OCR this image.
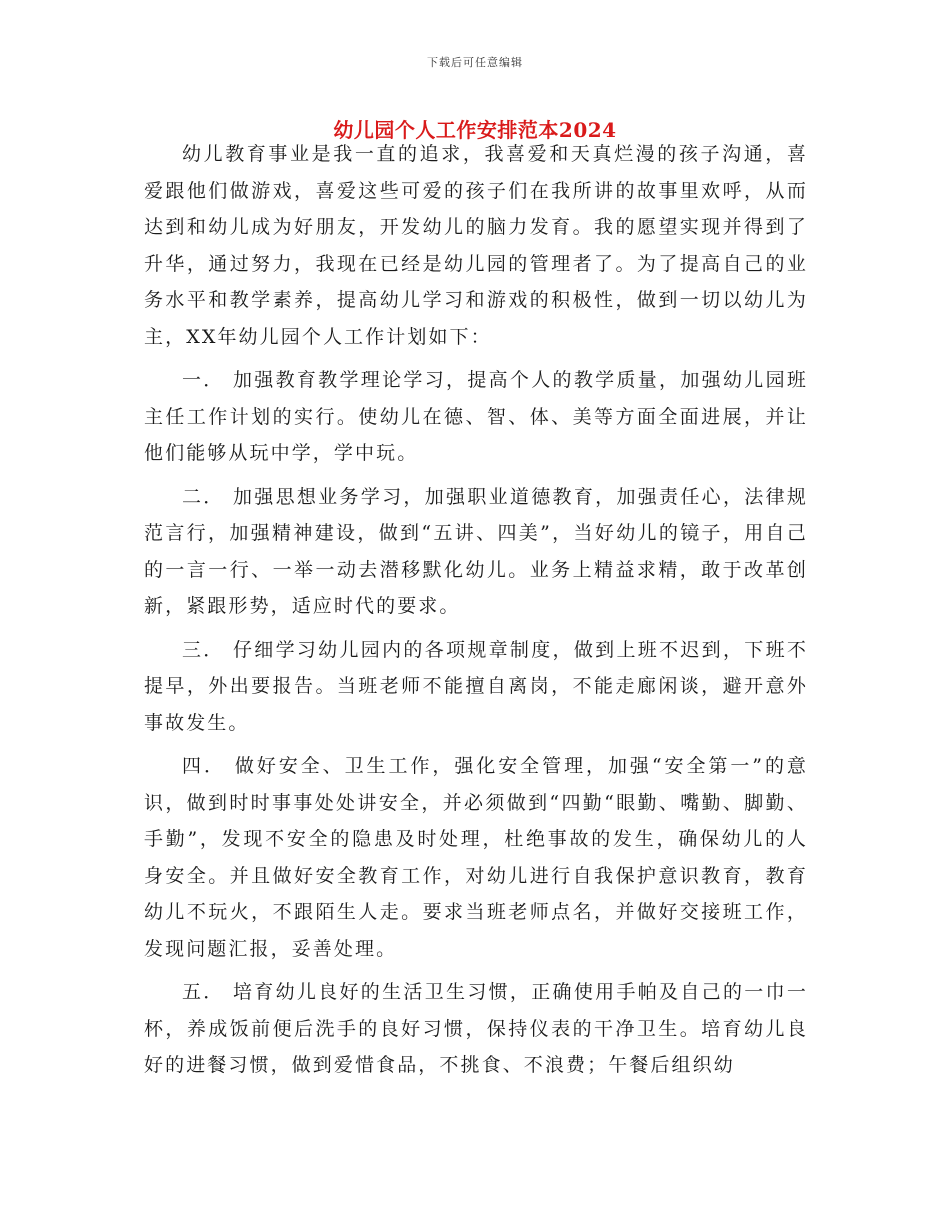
下载后可任意编辑
幼儿园个人工作安排范本2024

幼儿教育事业是我一直的追求，我喜爱和天真烂漫的孩子沟通，喜爱跟他们做游戏，喜爱这些可爱的孩子们在我所讲的故事里欢呼，从而达到和幼儿成为好朋友，开发幼儿的脑力发育。我的愿望实现并得到了升华，通过努力，我现在已经是幼儿园的管理者了。为了提高自己的业务水平和教学素养，提高幼儿学习和游戏的积极性，做到一切以幼儿为主，XX年幼儿园个人工作计划如下：

一． 加强教育教学理论学习，提高个人的教学质量，加强幼儿园班主任工作计划的实行。使幼儿在德、智、体、美等方面全面进展，并让他们能够从玩中学，学中玩。

二． 加强思想业务学习，加强职业道德教育，加强责任心，法律规范言行，加强精神建设，做到“五讲、四美”，当好幼儿的镜子，用自己的一言一行、一举一动去潜移默化幼儿。业务上精益求精，敢于改革创新，紧跟形势，适应时代的要求。

三． 仔细学习幼儿园内的各项规章制度，做到上班不迟到，下班不提早，外出要报告。当班老师不能擅自离岗，不能走廊闲谈，避开意外事故发生。

四． 做好安全、卫生工作，强化安全管理，加强“安全第一”的意识，做到时时事事处处讲安全，并必须做到“四勤“眼勤、嘴勤、脚勤、手勤”，发现不安全的隐患及时处理，杜绝事故的发生，确保幼儿的人身安全。并且做好安全教育工作，对幼儿进行自我保护意识教育，教育幼儿不玩火，不跟陌生人走。要求当班老师点名，并做好交接班工作，发现问题汇报，妥善处理。

五． 培育幼儿良好的生活卫生习惯，正确使用手帕及自己的一巾一杯，养成饭前便后洗手的良好习惯，保持仪表的干净卫生。培育幼儿良好的进餐习惯，做到爱惜食品，不挑食、不浪费；午餐后组织幼
